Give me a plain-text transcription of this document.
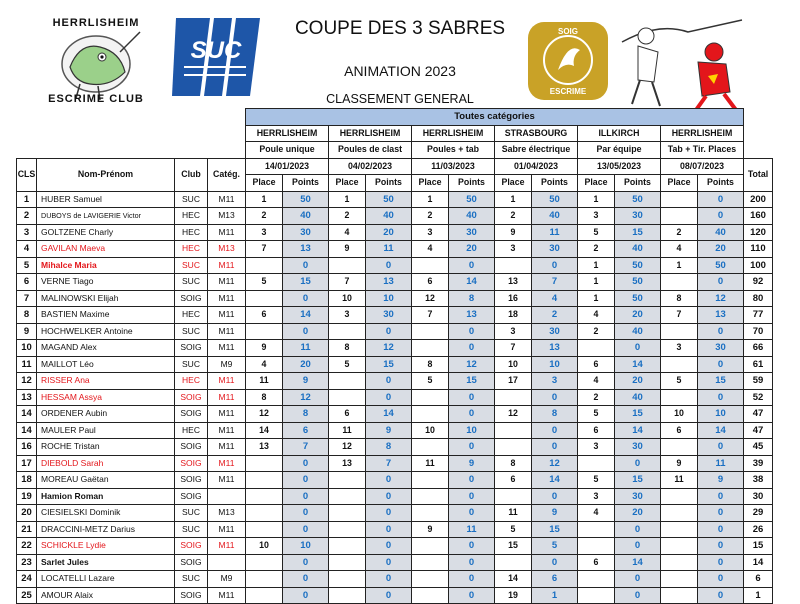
HERRLISHEIM
ESCRIME CLUB
SUC
SOIG
ESCRIME
COUPE DES 3 SABRES
ANIMATION 2023
CLASSEMENT GENERAL
				Toutes catégories												
				HERRLISHEIM		HERRLISHEIM		HERRLISHEIM		STRASBOURG		ILLKIRCH		HERRLISHEIM		
				Poule unique		Poules de clast		Poules + tab		Sabre électrique		Par équipe		Tab + Tir. Places		
CLS	Nom-Prénom	Club	Catég.	14/01/2023		04/02/2023		11/03/2023		01/04/2023		13/05/2023		08/07/2023		Total
				Place	Points	Place	Points	Place	Points	Place	Points	Place	Points	Place	Points	
1	HUBER Samuel	SUC	M11	1	50	1	50	1	50	1	50	1	50		0	200
2	DUBOYS de LAVIGERIE Victor	HEC	M13	2	40	2	40	2	40	2	40	3	30		0	160
3	GOLTZENE Charly	HEC	M11	3	30	4	20	3	30	9	11	5	15	2	40	120
4	GAVILAN Maeva	HEC	M13	7	13	9	11	4	20	3	30	2	40	4	20	110
5	Mihalce Maria	SUC	M11		0		0		0		0	1	50	1	50	100
6	VERNE Tiago	SUC	M11	5	15	7	13	6	14	13	7	1	50		0	92
7	MALINOWSKI Elijah	SOIG	M11		0	10	10	12	8	16	4	1	50	8	12	80
8	BASTIEN Maxime	HEC	M11	6	14	3	30	7	13	18	2	4	20	7	13	77
9	HOCHWELKER Antoine	SUC	M11		0		0		0	3	30	2	40		0	70
10	MAGAND Alex	SOIG	M11	9	11	8	12		0	7	13		0	3	30	66
11	MAILLOT Léo	SUC	M9	4	20	5	15	8	12	10	10	6	14		0	61
12	RISSER Ana	HEC	M11	11	9		0	5	15	17	3	4	20	5	15	59
13	HESSAM Assya	SOIG	M11	8	12		0		0		0	2	40		0	52
14	ORDENER Aubin	SOIG	M11	12	8	6	14		0	12	8	5	15	10	10	47
14	MAULER Paul	HEC	M11	14	6	11	9	10	10		0	6	14	6	14	47
16	ROCHE Tristan	SOIG	M11	13	7	12	8		0		0	3	30		0	45
17	DIEBOLD Sarah	SOIG	M11		0	13	7	11	9	8	12		0	9	11	39
18	MOREAU Gaëtan	SOIG	M11		0		0		0	6	14	5	15	11	9	38
19	Hamion Roman	SOIG			0		0		0		0	3	30		0	30
20	CIESIELSKI Dominik	SUC	M13		0		0		0	11	9	4	20		0	29
21	DRACCINI-METZ Darius	SUC	M11		0		0	9	11	5	15		0		0	26
22	SCHICKLE Lydie	SOIG	M11	10	10		0		0	15	5		0		0	15
23	Sarlet Jules	SOIG			0		0		0		0	6	14		0	14
24	LOCATELLI Lazare	SUC	M9		0		0		0	14	6		0		0	6
25	AMOUR Alaix	SOIG	M11		0		0		0	19	1		0		0	1
